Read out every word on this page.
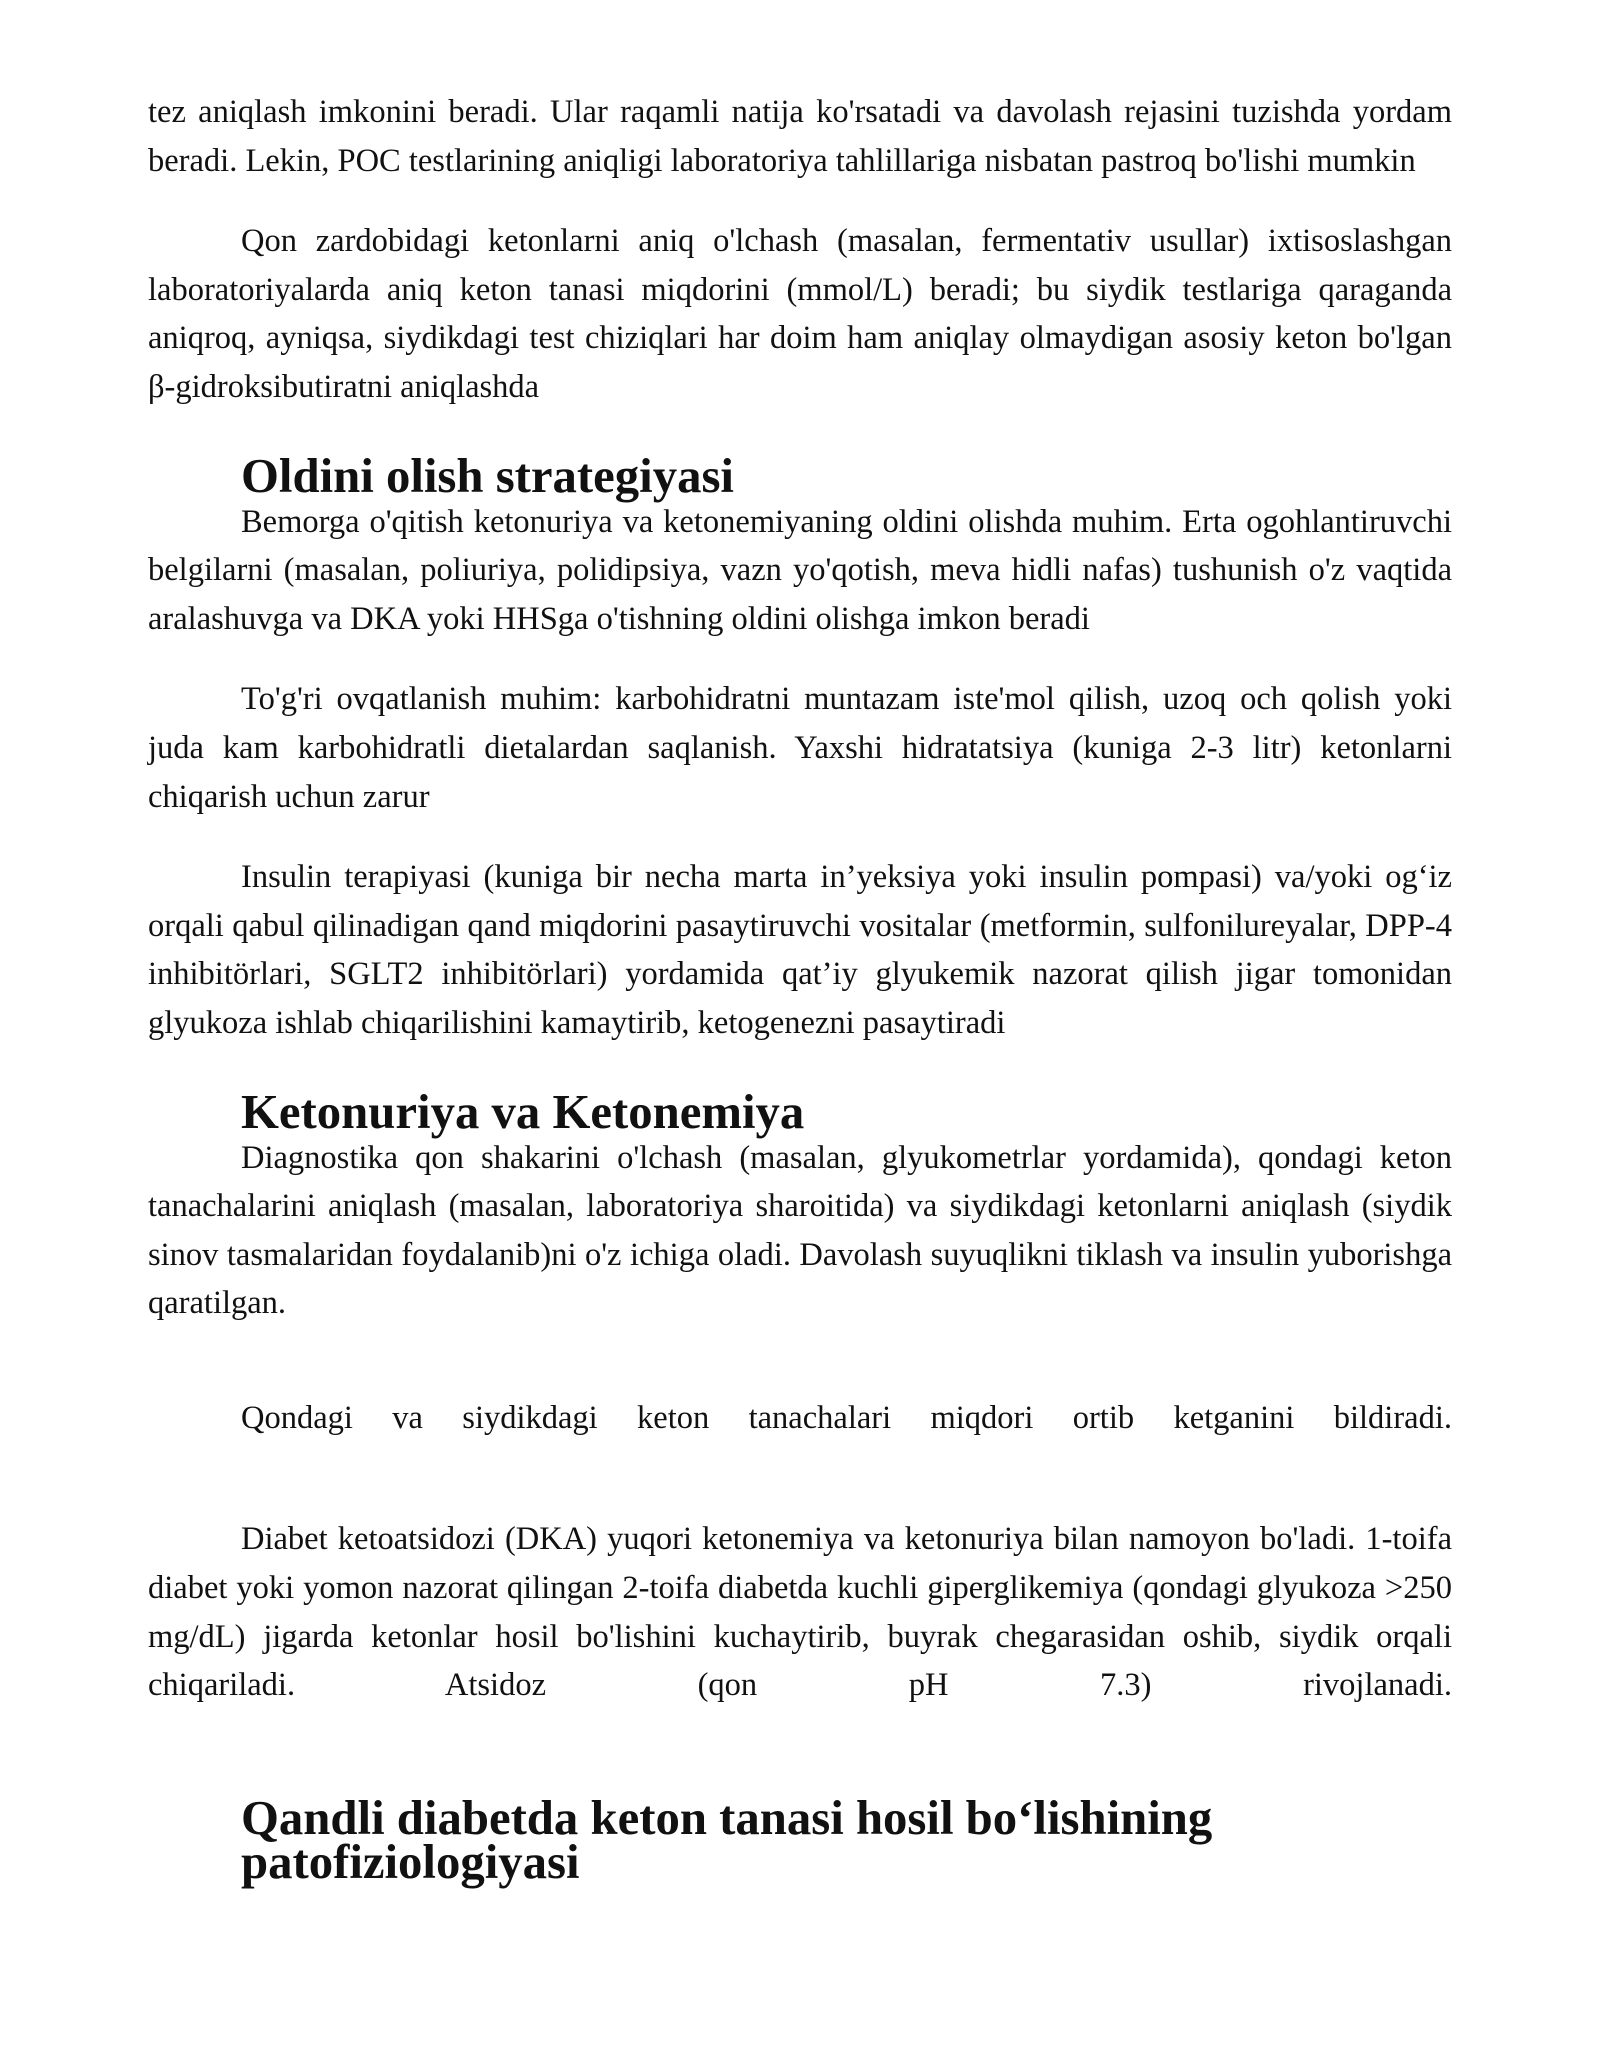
tez aniqlash imkonini beradi. Ular raqamli natija ko'rsatadi va davolash rejasini tuzishda yordam beradi. Lekin, POC testlarining aniqligi laboratoriya tahlillariga nisbatan pastroq bo'lishi mumkin

Qon zardobidagi ketonlarni aniq o'lchash (masalan, fermentativ usullar) ixtisoslashgan laboratoriyalarda aniq keton tanasi miqdorini (mmol/L) beradi; bu siydik testlariga qaraganda aniqroq, ayniqsa, siydikdagi test chiziqlari har doim ham aniqlay olmaydigan asosiy keton bo'lgan β-gidroksibutiratni aniqlashda

Oldini olish strategiyasi

Bemorga o'qitish ketonuriya va ketonemiyaning oldini olishda muhim. Erta ogohlantiruvchi belgilarni (masalan, poliuriya, polidipsiya, vazn yo'qotish, meva hidli nafas) tushunish o'z vaqtida aralashuvga va DKA yoki HHSga o'tishning oldini olishga imkon beradi

To'g'ri ovqatlanish muhim: karbohidratni muntazam iste'mol qilish, uzoq och qolish yoki juda kam karbohidratli dietalardan saqlanish. Yaxshi hidratatsiya (kuniga 2-3 litr) ketonlarni chiqarish uchun zarur

Insulin terapiyasi (kuniga bir necha marta in’yeksiya yoki insulin pompasi) va/yoki ogʻiz orqali qabul qilinadigan qand miqdorini pasaytiruvchi vositalar (metformin, sulfonilureyalar, DPP-4 inhibitörlari, SGLT2 inhibitörlari) yordamida qat’iy glyukemik nazorat qilish jigar tomonidan glyukoza ishlab chiqarilishini kamaytirib, ketogenezni pasaytiradi

Ketonuriya va Ketonemiya

Diagnostika qon shakarini o'lchash (masalan, glyukometrlar yordamida), qondagi keton tanachalarini aniqlash (masalan, laboratoriya sharoitida) va siydikdagi ketonlarni aniqlash (siydik sinov tasmalaridan foydalanib)ni o'z ichiga oladi. Davolash suyuqlikni tiklash va insulin yuborishga qaratilgan.

Qondagi va siydikdagi keton tanachalari miqdori ortib ketganini bildiradi.

Diabet ketoatsidozi (DKA) yuqori ketonemiya va ketonuriya bilan namoyon bo'ladi. 1-toifa diabet yoki yomon nazorat qilingan 2-toifa diabetda kuchli giperglikemiya (qondagi glyukoza >250 mg/dL) jigarda ketonlar hosil bo'lishini kuchaytirib, buyrak chegarasidan oshib, siydik orqali chiqariladi. Atsidoz (qon pH 7.3) rivojlanadi.

Qandli diabetda keton tanasi hosil boʻlishining patofiziologiyasi
